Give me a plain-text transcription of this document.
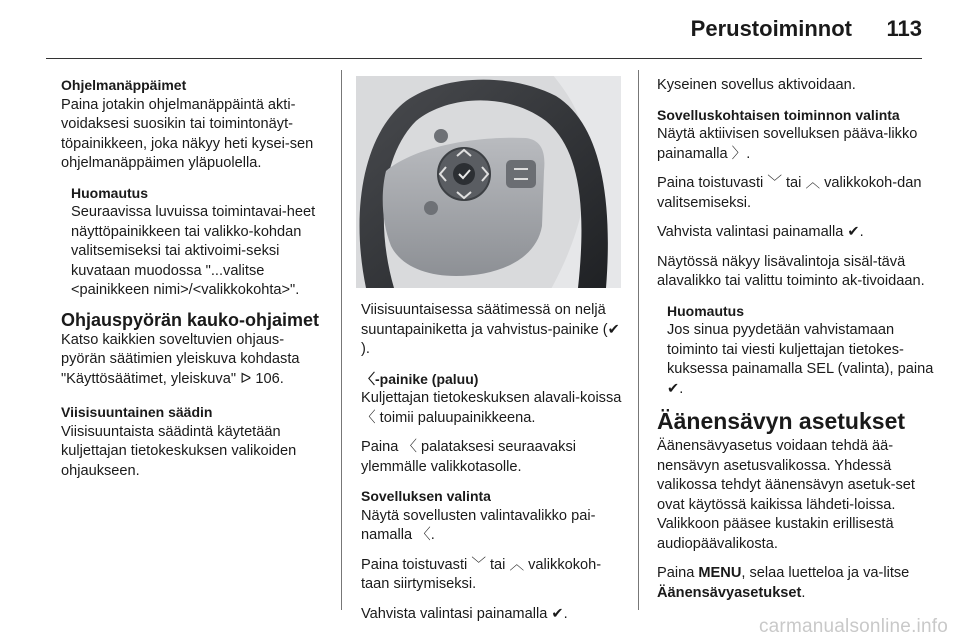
Perustoiminnot 113
Ohjelmanäppäimet

Paina jotakin ohjelmanäppäintä akti-voidaksesi suosikin tai toimintonäyt-töpainikkeen, joka näkyy heti kysei-sen ohjelmanäppäimen yläpuolella.

Huomautus
Seuraavissa luvuissa toimintavai-heet näyttöpainikkeen tai valikko-kohdan valitsemiseksi tai aktivoimi-seksi kuvataan muodossa "...valitse <painikkeen nimi>/<valikkokohta>".
Ohjauspyörän kauko-ohjaimet

Katso kaikkien soveltuvien ohjaus-pyörän säätimien yleiskuva kohdasta "Käyttösäätimet, yleiskuva" ᐅ 106.

Viisisuuntainen säädin

Viisisuuntaista säädintä käytetään kuljettajan tietokeskuksen valikoiden ohjaukseen.

Viisisuuntaisessa säätimessä on neljä suuntapainiketta ja vahvistus-painike (✔).

〈-painike (paluu)

Kuljettajan tietokeskuksen alavali-koissa 〈 toimii paluupainikkeena.

Paina 〈 palataksesi seuraavaksi ylemmälle valikkotasolle.

Sovelluksen valinta

Näytä sovellusten valintavalikko pai-namalla 〈.

Paina toistuvasti ﹀ tai ︿ valikkokoh-taan siirtymiseksi.

Vahvista valintasi painamalla ✔.

Kyseinen sovellus aktivoidaan.

Sovelluskohtaisen toiminnon valinta

Näytä aktiivisen sovelluksen pääva-likko painamalla 〉.

Paina toistuvasti ﹀ tai ︿ valikkokoh-dan valitsemiseksi.

Vahvista valintasi painamalla ✔.

Näytössä näkyy lisävalintoja sisäl-tävä alavalikko tai valittu toiminto ak-tivoidaan.

Huomautus
Jos sinua pyydetään vahvistamaan toiminto tai viesti kuljettajan tietokes-kuksessa painamalla SEL (valinta), paina ✔.
Äänensävyn asetukset

Äänensävyasetus voidaan tehdä ää-nensävyn asetusvalikossa. Yhdessä valikossa tehdyt äänensävyn asetuk-set ovat käytössä kaikissa lähdeti-loissa. Valikkoon pääsee kustakin erillisestä audiopäävalikosta.

Paina MENU, selaa luetteloa ja va-litse Äänensävyasetukset.

carmanualsonline.info
